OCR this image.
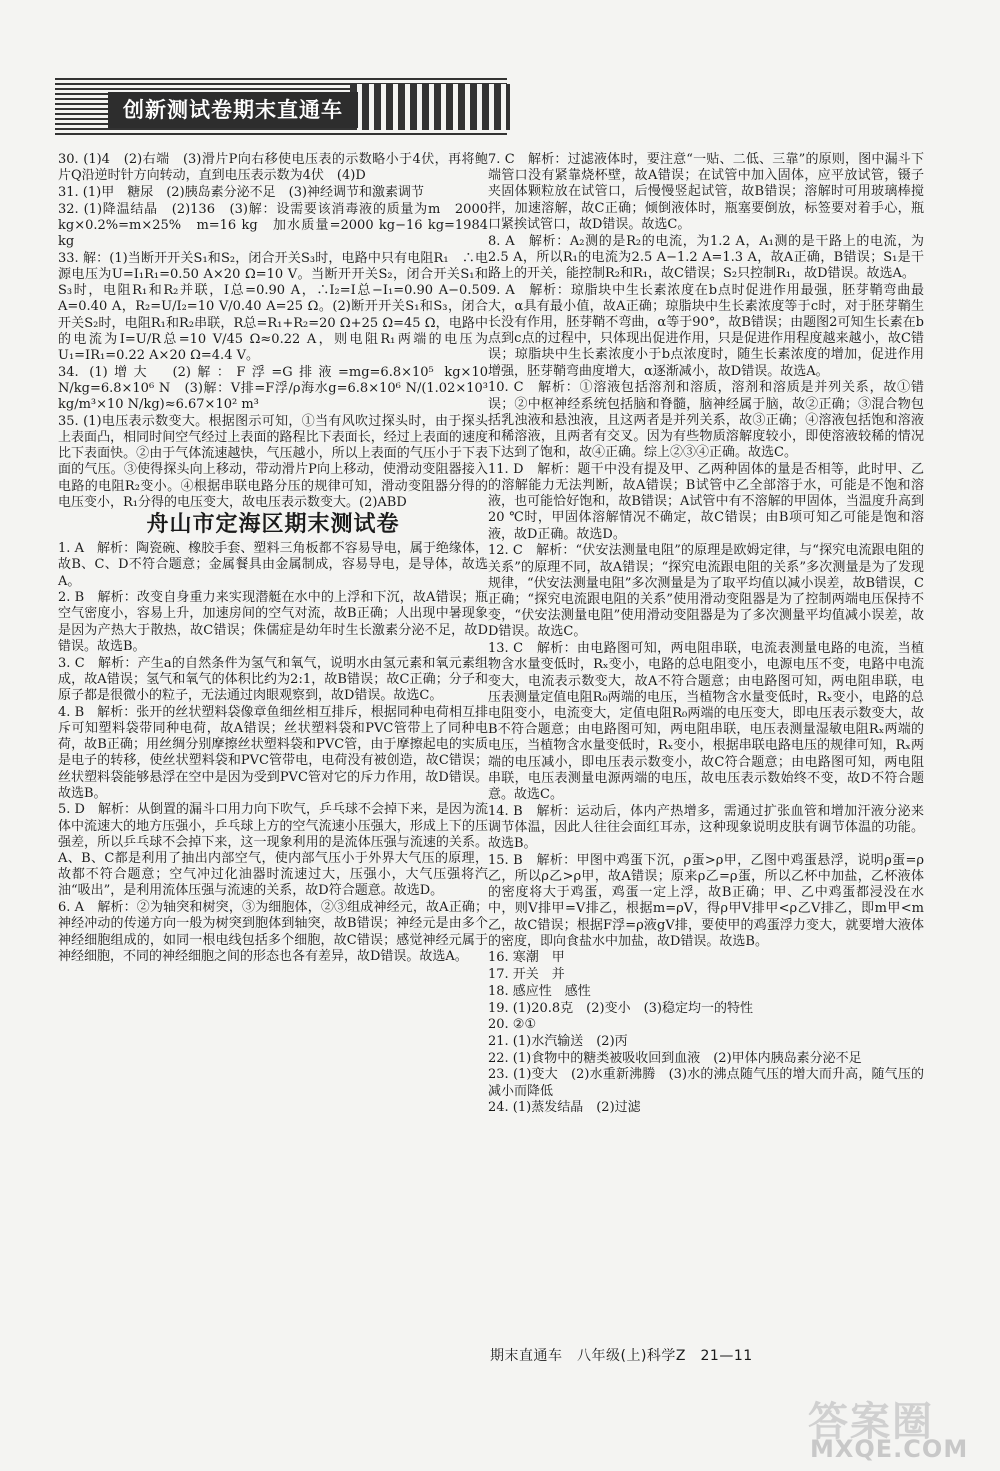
创新测试卷期末直通车
30. (1)4　(2)右端　(3)滑片P向右移使电压表的示数略小于4伏，再将鲍片Q沿逆时针方向转动，直到电压表示数为4伏　(4)D
31. (1)甲　糖尿　(2)胰岛素分泌不足　(3)神经调节和激素调节
32. (1)降温结晶　(2)136　(3)解：设需要该消毒液的质量为m　2000 kg×0.2%=m×25%　m=16 kg　加水质量=2000 kg−16 kg=1984 kg
33. 解：(1)当断开开关S₁和S₂，闭合开关S₃时，电路中只有电阻R₁　∴电源电压为U=I₁R₁=0.50 A×20 Ω=10 V。当断开开关S₂，闭合开关S₁和S₃时，电阻R₁和R₂并联，I总=0.90 A，∴I₂=I总−I₁=0.90 A−0.50 A=0.40 A，R₂=U/I₂=10 V/0.40 A=25 Ω。(2)断开开关S₁和S₃，闭合开关S₂时，电阻R₁和R₂串联，R总=R₁+R₂=20 Ω+25 Ω=45 Ω，电路中的电流为I=U/R总=10 V/45 Ω≈0.22 A，则电阻R₁两端的电压为U₁=IR₁=0.22 A×20 Ω=4.4 V。
34. (1)增大　(2)解：F浮=G排液=mg=6.8×10⁵ kg×10 N/kg=6.8×10⁶ N　(3)解：V排=F浮/ρ海水g=6.8×10⁶ N/(1.02×10³ kg/m³×10 N/kg)≈6.67×10² m³
35. (1)电压表示数变大。根据图示可知，①当有风吹过探头时，由于探头上表面凸，相同时间空气经过上表面的路程比下表面长，经过上表面的速度比下表面快。②由于气体流速越快，气压越小，所以上表面的气压小于下表面的气压。③使得探头向上移动，带动滑片P向上移动，使滑动变阻器接入电路的电阻R₂变小。④根据串联电路分压的规律可知，滑动变阻器分得的电压变小，R₁分得的电压变大，故电压表示数变大。(2)ABD
舟山市定海区期末测试卷
1. A　解析：陶瓷碗、橡胶手套、塑料三角板都不容易导电，属于绝缘体，故B、C、D不符合题意；金属餐具由金属制成，容易导电，是导体，故选A。
2. B　解析：改变自身重力来实现潜艇在水中的上浮和下沉，故A错误；瓶空气密度小，容易上升，加速房间的空气对流，故B正确；人出现中暑现象是因为产热大于散热，故C错误；侏儒症是幼年时生长激素分泌不足，故D错误。故选B。
3. C　解析：产生a的自然条件为氢气和氧气，说明水由氢元素和氧元素组成，故A错误；氢气和氧气的体积比约为2:1，故B错误；故C正确；分子和原子都是很微小的粒子，无法通过肉眼观察到，故D错误。故选C。
4. B　解析：张开的丝状塑料袋像章鱼细丝相互排斥，根据同种电荷相互排斥可知塑料袋带同种电荷，故A错误；丝状塑料袋和PVC管带上了同种电荷，故B正确；用丝绸分别摩擦丝状塑料袋和PVC管，由于摩擦起电的实质是电子的转移，使丝状塑料袋和PVC管带电，电荷没有被创造，故C错误；丝状塑料袋能够悬浮在空中是因为受到PVC管对它的斥力作用，故D错误。故选B。
5. D　解析：从倒置的漏斗口用力向下吹气，乒乓球不会掉下来，是因为流体中流速大的地方压强小，乒乓球上方的空气流速小压强大，形成上下的压强差，所以乒乓球不会掉下来，这一现象利用的是流体压强与流速的关系。A、B、C都是利用了抽出内部空气，使内部气压小于外界大气压的原理，故都不符合题意；空气冲过化油器时流速过大，压强小，大气压强将汽油“吸出”，是利用流体压强与流速的关系，故D符合题意。故选D。
6. A　解析：②为轴突和树突，③为细胞体，②③组成神经元，故A正确；神经冲动的传递方向一般为树突到胞体到轴突，故B错误；神经元是由多个神经细胞组成的，如同一根电线包括多个细胞，故C错误；感觉神经元属于神经细胞，不同的神经细胞之间的形态也各有差异，故D错误。故选A。
7. C　解析：过滤液体时，要注意“一贴、二低、三靠”的原则，图中漏斗下端管口没有紧靠烧杯壁，故A错误；在试管中加入固体，应平放试管，镊子夹固体颗粒放在试管口，后慢慢竖起试管，故B错误；溶解时可用玻璃棒搅拌，加速溶解，故C正确；倾倒液体时，瓶塞要倒放，标签要对着手心，瓶口紧挨试管口，故D错误。故选C。
8. A　解析：A₂测的是R₂的电流，为1.2 A，A₁测的是干路上的电流，为2.5 A，所以R₁的电流为2.5 A−1.2 A=1.3 A，故A正确，B错误；S₁是干路上的开关，能控制R₂和R₁，故C错误；S₂只控制R₁，故D错误。故选A。
9. A　解析：琼脂块中生长素浓度在b点时促进作用最强，胚芽鞘弯曲最大，α具有最小值，故A正确；琼脂块中生长素浓度等于c时，对于胚芽鞘生长没有作用，胚芽鞘不弯曲，α等于90°，故B错误；由题图2可知生长素在b点到c点的过程中，只体现出促进作用，只是促进作用程度越来越小，故C错误；琼脂块中生长素浓度小于b点浓度时，随生长素浓度的增加，促进作用增强，胚芽鞘弯曲度增大，α逐渐减小，故D错误。故选A。
10. C　解析：①溶液包括溶剂和溶质，溶剂和溶质是并列关系，故①错误；②中枢神经系统包括脑和脊髓，脑神经属于脑，故②正确；③混合物包括乳浊液和悬浊液，且这两者是并列关系，故③正确；④溶液包括饱和溶液和稀溶液，且两者有交叉。因为有些物质溶解度较小，即使溶液较稀的情况下达到了饱和，故④正确。综上②③④正确。故选C。
11. D　解析：题干中没有提及甲、乙两种固体的量是否相等，此时甲、乙的溶解能力无法判断，故A错误；B试管中乙全部溶于水，可能是不饱和溶液，也可能恰好饱和，故B错误；A试管中有不溶解的甲固体，当温度升高到20 ℃时，甲固体溶解情况不确定，故C错误；由B项可知乙可能是饱和溶液，故D正确。故选D。
12. C　解析：“伏安法测量电阻”的原理是欧姆定律，与“探究电流跟电阻的关系”的原理不同，故A错误；“探究电流跟电阻的关系”多次测量是为了发现规律，“伏安法测量电阻”多次测量是为了取平均值以减小误差，故B错误，C正确；“探究电流跟电阻的关系”使用滑动变阻器是为了控制两端电压保持不变，“伏安法测量电阻”使用滑动变阻器是为了多次测量平均值减小误差，故D错误。故选C。
13. C　解析：由电路图可知，两电阻串联，电流表测量电路的电流，当植物含水量变低时，Rₓ变小，电路的总电阻变小，电源电压不变，电路中电流变大，电流表示数变大，故A不符合题意；由电路图可知，两电阻串联，电压表测量定值电阻R₀两端的电压，当植物含水量变低时，Rₓ变小，电路的总电阻变小，电流变大，定值电阻R₀两端的电压变大，即电压表示数变大，故B不符合题意；由电路图可知，两电阻串联，电压表测量湿敏电阻Rₓ两端的电压，当植物含水量变低时，Rₓ变小，根据串联电路电压的规律可知，Rₓ两端的电压减小，即电压表示数变小，故C符合题意；由电路图可知，两电阻串联，电压表测量电源两端的电压，故电压表示数始终不变，故D不符合题意。故选C。
14. B　解析：运动后，体内产热增多，需通过扩张血管和增加汗液分泌来调节体温，因此人往往会面红耳赤，这种现象说明皮肤有调节体温的功能。故选B。
15. B　解析：甲图中鸡蛋下沉，ρ蛋>ρ甲，乙图中鸡蛋悬浮，说明ρ蛋=ρ乙，所以ρ乙>ρ甲，故A错误；原来ρ乙=ρ蛋，所以乙杯中加盐，乙杯液体的密度将大于鸡蛋，鸡蛋一定上浮，故B正确；甲、乙中鸡蛋都浸没在水中，则V排甲=V排乙，根据m=ρV，得ρ甲V排甲<ρ乙V排乙，即m甲<m乙，故C错误；根据F浮=ρ液gV排，要使甲的鸡蛋浮力变大，就要增大液体的密度，即向食盐水中加盐，故D错误。故选B。
16. 寒潮　甲
17. 开关　并
18. 感应性　感性
19. (1)20.8克　(2)变小　(3)稳定均一的特性
20. ②①
21. (1)水汽输送　(2)丙
22. (1)食物中的糖类被吸收回到血液　(2)甲体内胰岛素分泌不足
23. (1)变大　(2)水重新沸腾　(3)水的沸点随气压的增大而升高，随气压的减小而降低
24. (1)蒸发结晶　(2)过滤
期末直通车　八年级(上)科学Z　21—11
答案圈
MXQE.COM
